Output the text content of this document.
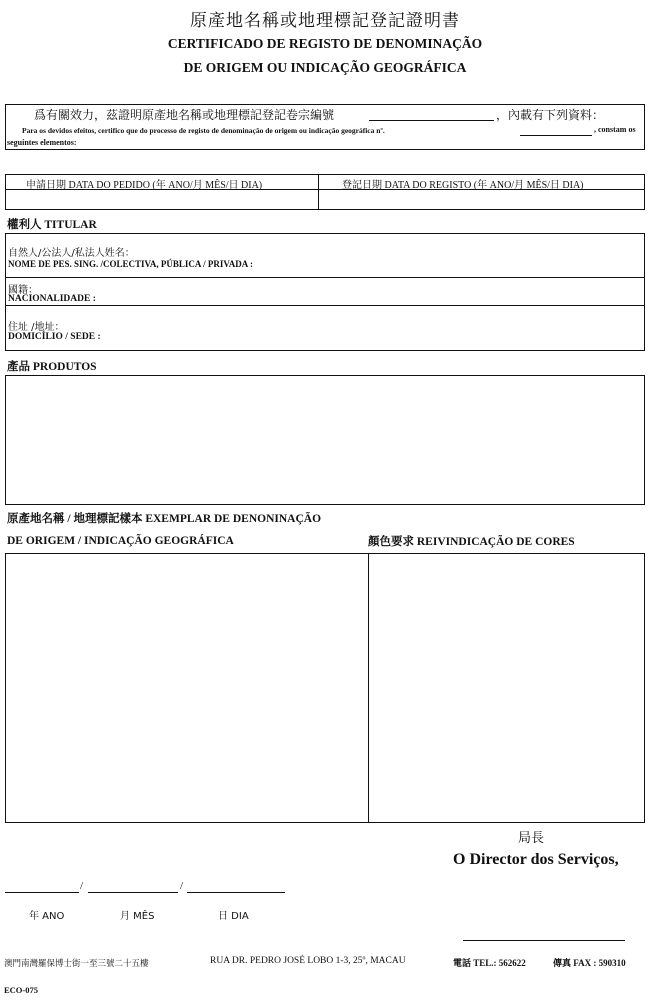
原產地名稱或地理標記登記證明書
CERTIFICADO DE REGISTO DE DENOMINAÇÃO
DE ORIGEM OU INDICAÇÃO GEOGRÁFICA
爲有關效力，茲證明原產地名稱或地理標記登記卷宗編號	，內載有下列資料：
Para os devidos efeitos, certifico que do processo de registo de denominação de origem ou indicação geográfica nº.	, constam os
seguintes elementos:
申請日期 DATA DO PEDIDO (年 ANO/月 MÊS/日 DIA)	登記日期 DATA DO REGISTO (年 ANO/月 MÊS/日 DIA)
權利人 TITULAR
自然人/公法人/私法人姓名：
NOME DE PES. SING. /COLECTIVA, PÚBLICA / PRIVADA :
國籍：
NACIONALIDADE :
住址 /地址：
DOMICÍLIO / SEDE :
產品 PRODUTOS
原產地名稱 / 地理標記樣本 EXEMPLAR DE DENONINAÇÃO
DE ORIGEM / INDICAÇÃO GEOGRÁFICA	顏色要求 REIVINDICAÇÃO DE CORES
局長
O Director dos Serviços,
/	/
年 ANO	月 MÊS	日 DIA
澳門南灣羅保博士街一至三號二十五樓	RUA DR. PEDRO JOSÉ LOBO 1-3, 25º, MACAU	電話 TEL.: 562622	傳真 FAX : 590310
ECO-075
